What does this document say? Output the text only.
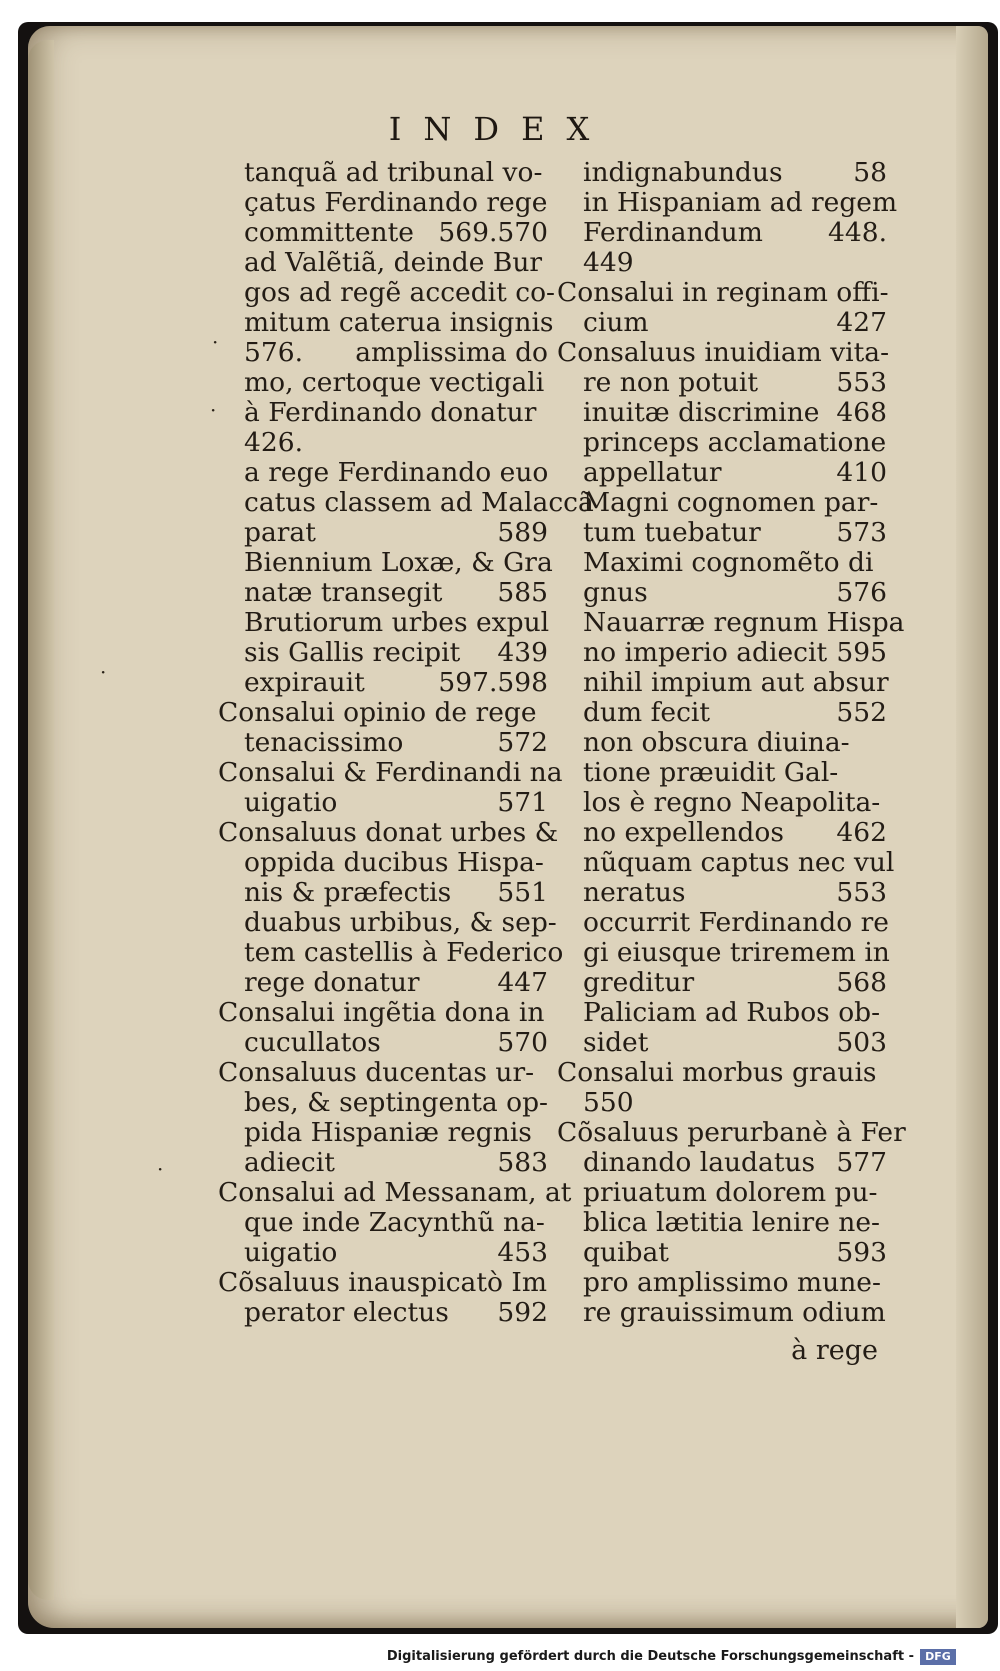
INDEX
tanquã ad tribunal vo-
çatus Ferdinando rege
committente 569.570
ad Valẽtiã, deinde Bur
gos ad regẽ accedit co-
mitum caterua insignis
576. amplissima do
mo, certoque vectigali
à Ferdinando donatur
426.
a rege Ferdinando euo
catus classem ad Malaccã
parat	589
Biennium Loxæ, & Gra
natæ transegit 585
Brutiorum urbes expul
sis Gallis recipit 439
expirauit	597.598
Consalui opinio de rege
tenacissimo	572
Consalui & Ferdinandi na
uigatio	571
Consaluus donat urbes &
oppida ducibus Hispa-
nis & præfectis 551
duabus urbibus, & sep-
tem castellis à Federico
rege donatur	447
Consalui ingẽtia dona in
cucullatos	570
Consaluus ducentas ur-
bes, & septingenta op-
pida Hispaniæ regnis
adiecit	583
Consalui ad Messanam, at
que inde Zacynthũ na-
uigatio	453
Cõsaluus inauspicatò Im
perator electus 592
indignabundus	58
in Hispaniam ad regem
Ferdinandum 448.
449
Consalui in reginam offi-
cium	427
Consaluus inuidiam vita-
re non potuit	553
inuitæ discrimine 468
princeps acclamatione
appellatur	410
Magni cognomen par-
tum tuebatur	573
Maximi cognomẽto di
gnus	576
Nauarræ regnum Hispa
no imperio adiecit 595
nihil impium aut absur
dum fecit	552
non obscura diuina-
tione præuidit Gal-
los è regno Neapolita-
no expellendos 462
nũquam captus nec vul
neratus	553
occurrit Ferdinando re
gi eiusque triremem in
greditur	568
Paliciam ad Rubos ob-
sidet	503
Consalui morbus grauis
550
Cõsaluus perurbanè à Fer
dinando laudatus 577
priuatum dolorem pu-
blica lætitia lenire ne-
quibat	593
pro amplissimo mune-
re grauissimum odium
à rege
·
·
·
·
Digitalisierung gefördert durch die Deutsche Forschungsgemeinschaft -	DFG
